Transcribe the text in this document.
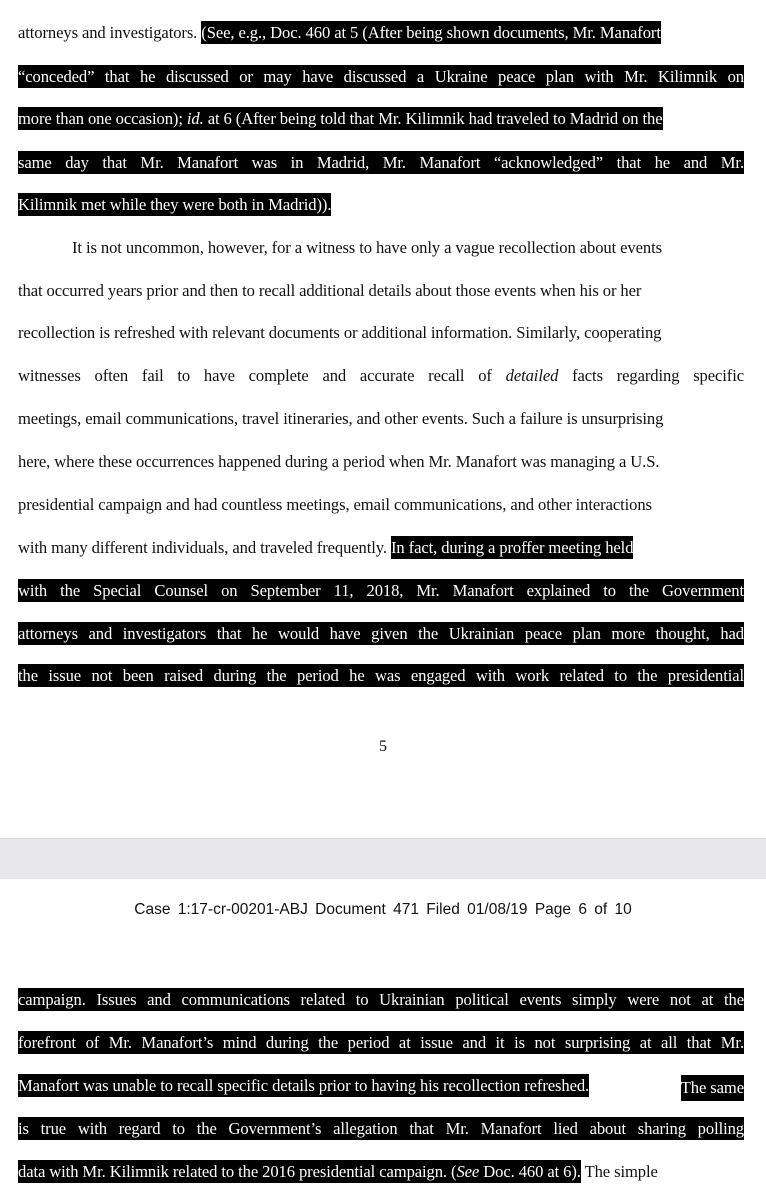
attorneys and investigators. (See, e.g., Doc. 460 at 5 (After being shown documents, Mr. Manafort
“conceded” that he discussed or may have discussed a Ukraine peace plan with Mr. Kilimnik on
more than one occasion); id. at 6 (After being told that Mr. Kilimnik had traveled to Madrid on the
same day that Mr. Manafort was in Madrid, Mr. Manafort “acknowledged” that he and Mr.
Kilimnik met while they were both in Madrid)).
It is not uncommon, however, for a witness to have only a vague recollection about events
that occurred years prior and then to recall additional details about those events when his or her
recollection is refreshed with relevant documents or additional information. Similarly, cooperating
witnesses often fail to have complete and accurate recall of detailed facts regarding specific
meetings, email communications, travel itineraries, and other events. Such a failure is unsurprising
here, where these occurrences happened during a period when Mr. Manafort was managing a U.S.
presidential campaign and had countless meetings, email communications, and other interactions
with many different individuals, and traveled frequently. In fact, during a proffer meeting held
with the Special Counsel on September 11, 2018, Mr. Manafort explained to the Government
attorneys and investigators that he would have given the Ukrainian peace plan more thought, had
the issue not been raised during the period he was engaged with work related to the presidential
5
Case 1:17-cr-00201-ABJ Document 471 Filed 01/08/19 Page 6 of 10
campaign. Issues and communications related to Ukrainian political events simply were not at the
forefront of Mr. Manafort’s mind during the period at issue and it is not surprising at all that Mr.
Manafort was unable to recall specific details prior to having his recollection refreshed.	The same
is true with regard to the Government’s allegation that Mr. Manafort lied about sharing polling
data with Mr. Kilimnik related to the 2016 presidential campaign. (See Doc. 460 at 6). The simple
